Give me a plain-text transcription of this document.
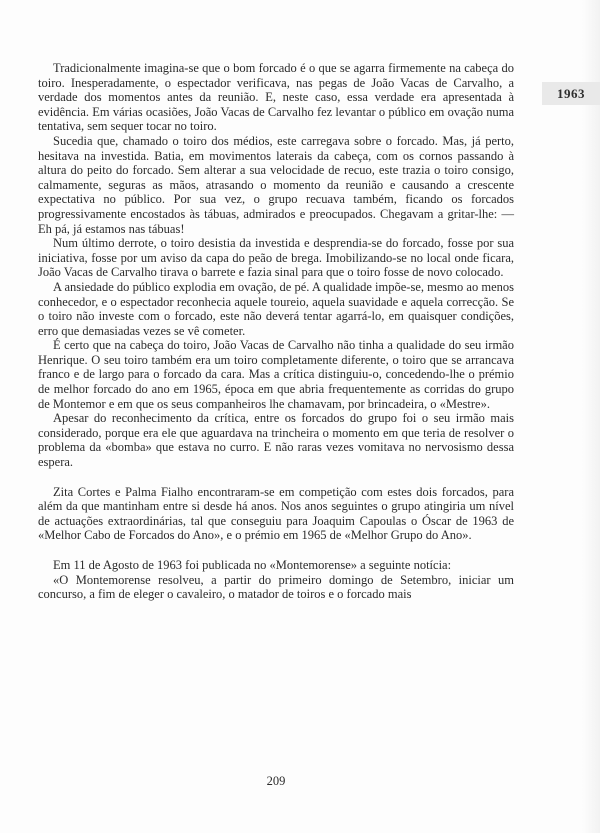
1963

Tradicionalmente imagina-se que o bom forcado é o que se agarra firmemente na cabeça do toiro. Inesperadamente, o espectador verificava, nas pegas de João Vacas de Carvalho, a verdade dos momentos antes da reunião. E, neste caso, essa verdade era apresentada à evidência. Em várias ocasiões, João Vacas de Carvalho fez levantar o público em ovação numa tentativa, sem sequer tocar no toiro.

Sucedia que, chamado o toiro dos médios, este carregava sobre o forcado. Mas, já perto, hesitava na investida. Batia, em movimentos laterais da cabeça, com os cornos passando à altura do peito do forcado. Sem alterar a sua velocidade de recuo, este trazia o toiro consigo, calmamente, seguras as mãos, atrasando o momento da reunião e causando a crescente expectativa no público. Por sua vez, o grupo recuava também, ficando os forcados progressivamente encostados às tábuas, admirados e preocupados. Chegavam a gritar-lhe: — Eh pá, já estamos nas tábuas!

Num último derrote, o toiro desistia da investida e desprendia-se do forcado, fosse por sua iniciativa, fosse por um aviso da capa do peão de brega. Imobilizando-se no local onde ficara, João Vacas de Carvalho tirava o barrete e fazia sinal para que o toiro fosse de novo colocado.

A ansiedade do público explodia em ovação, de pé. A qualidade impõe-se, mesmo ao menos conhecedor, e o espectador reconhecia aquele toureio, aquela suavidade e aquela correcção. Se o toiro não investe com o forcado, este não deverá tentar agarrá-lo, em quaisquer condições, erro que demasiadas vezes se vê cometer.

É certo que na cabeça do toiro, João Vacas de Carvalho não tinha a qualidade do seu irmão Henrique. O seu toiro também era um toiro completamente diferente, o toiro que se arrancava franco e de largo para o forcado da cara. Mas a crítica distinguiu-o, concedendo-lhe o prémio de melhor forcado do ano em 1965, época em que abria frequentemente as corridas do grupo de Montemor e em que os seus companheiros lhe chamavam, por brincadeira, o «Mestre».

Apesar do reconhecimento da crítica, entre os forcados do grupo foi o seu irmão mais considerado, porque era ele que aguardava na trincheira o momento em que teria de resolver o problema da «bomba» que estava no curro. E não raras vezes vomitava no nervosismo dessa espera.

Zita Cortes e Palma Fialho encontraram-se em competição com estes dois forcados, para além da que mantinham entre si desde há anos. Nos anos seguintes o grupo atingiria um nível de actuações extraordinárias, tal que conseguiu para Joaquim Capoulas o Óscar de 1963 de «Melhor Cabo de Forcados do Ano», e o prémio em 1965 de «Melhor Grupo do Ano».

Em 11 de Agosto de 1963 foi publicada no «Montemorense» a seguinte notícia:

«O Montemorense resolveu, a partir do primeiro domingo de Setembro, iniciar um concurso, a fim de eleger o cavaleiro, o matador de toiros e o forcado mais

209
